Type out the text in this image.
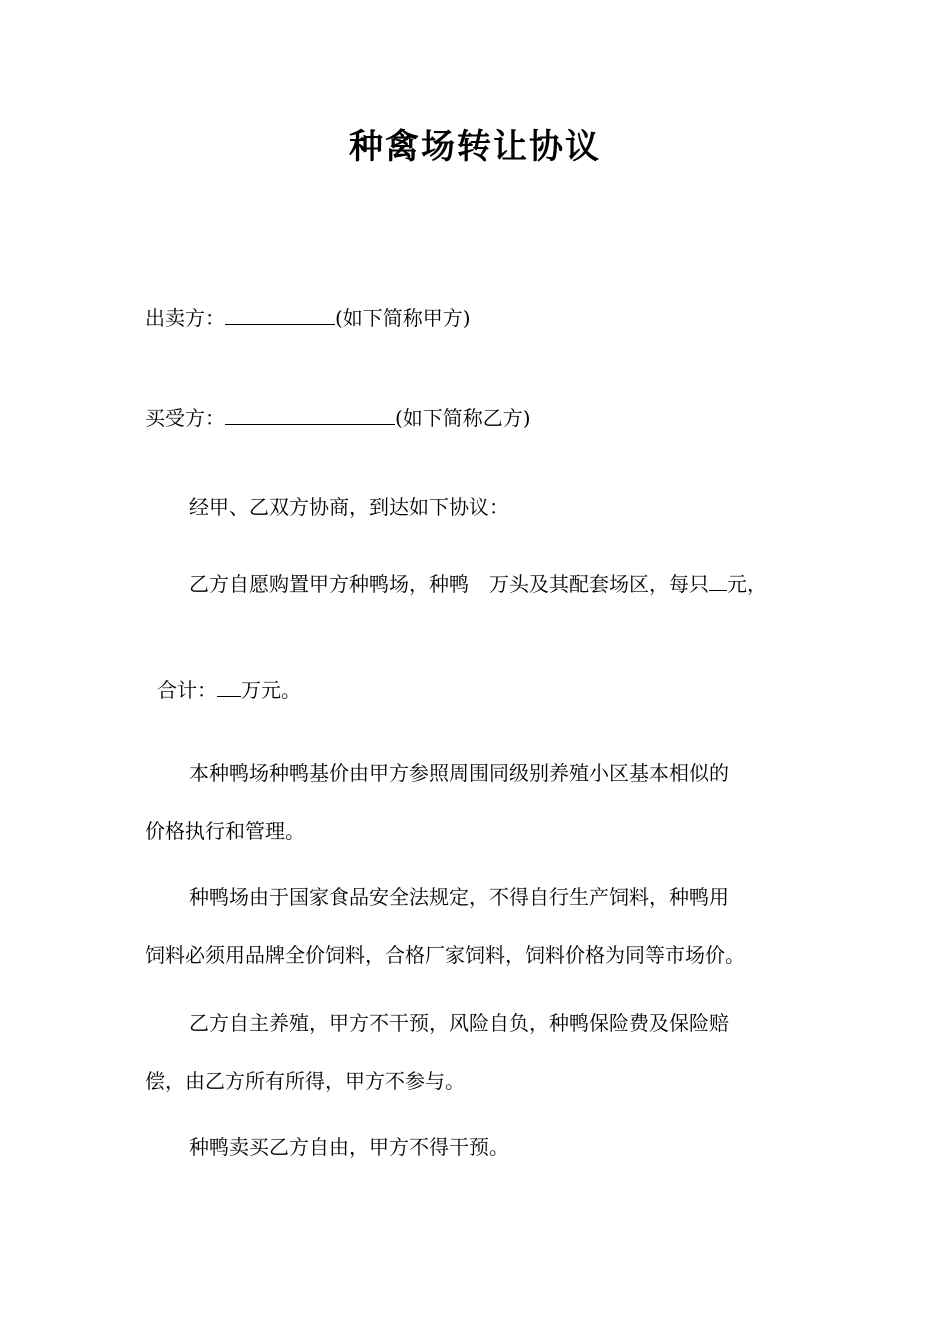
种禽场转让协议
出卖方：	(如下简称甲方)
买受方：	(如下简称乙方)
经甲、乙双方协商，到达如下协议：
乙方自愿购置甲方种鸭场，种鸭　万头及其配套场区，每只 元，
合计： 万元。
本种鸭场种鸭基价由甲方参照周围同级别养殖小区基本相似的
价格执行和管理。
种鸭场由于国家食品安全法规定，不得自行生产饲料，种鸭用
饲料必须用品牌全价饲料，合格厂家饲料，饲料价格为同等市场价。
乙方自主养殖，甲方不干预，风险自负，种鸭保险费及保险赔
偿，由乙方所有所得，甲方不参与。
种鸭卖买乙方自由，甲方不得干预。
